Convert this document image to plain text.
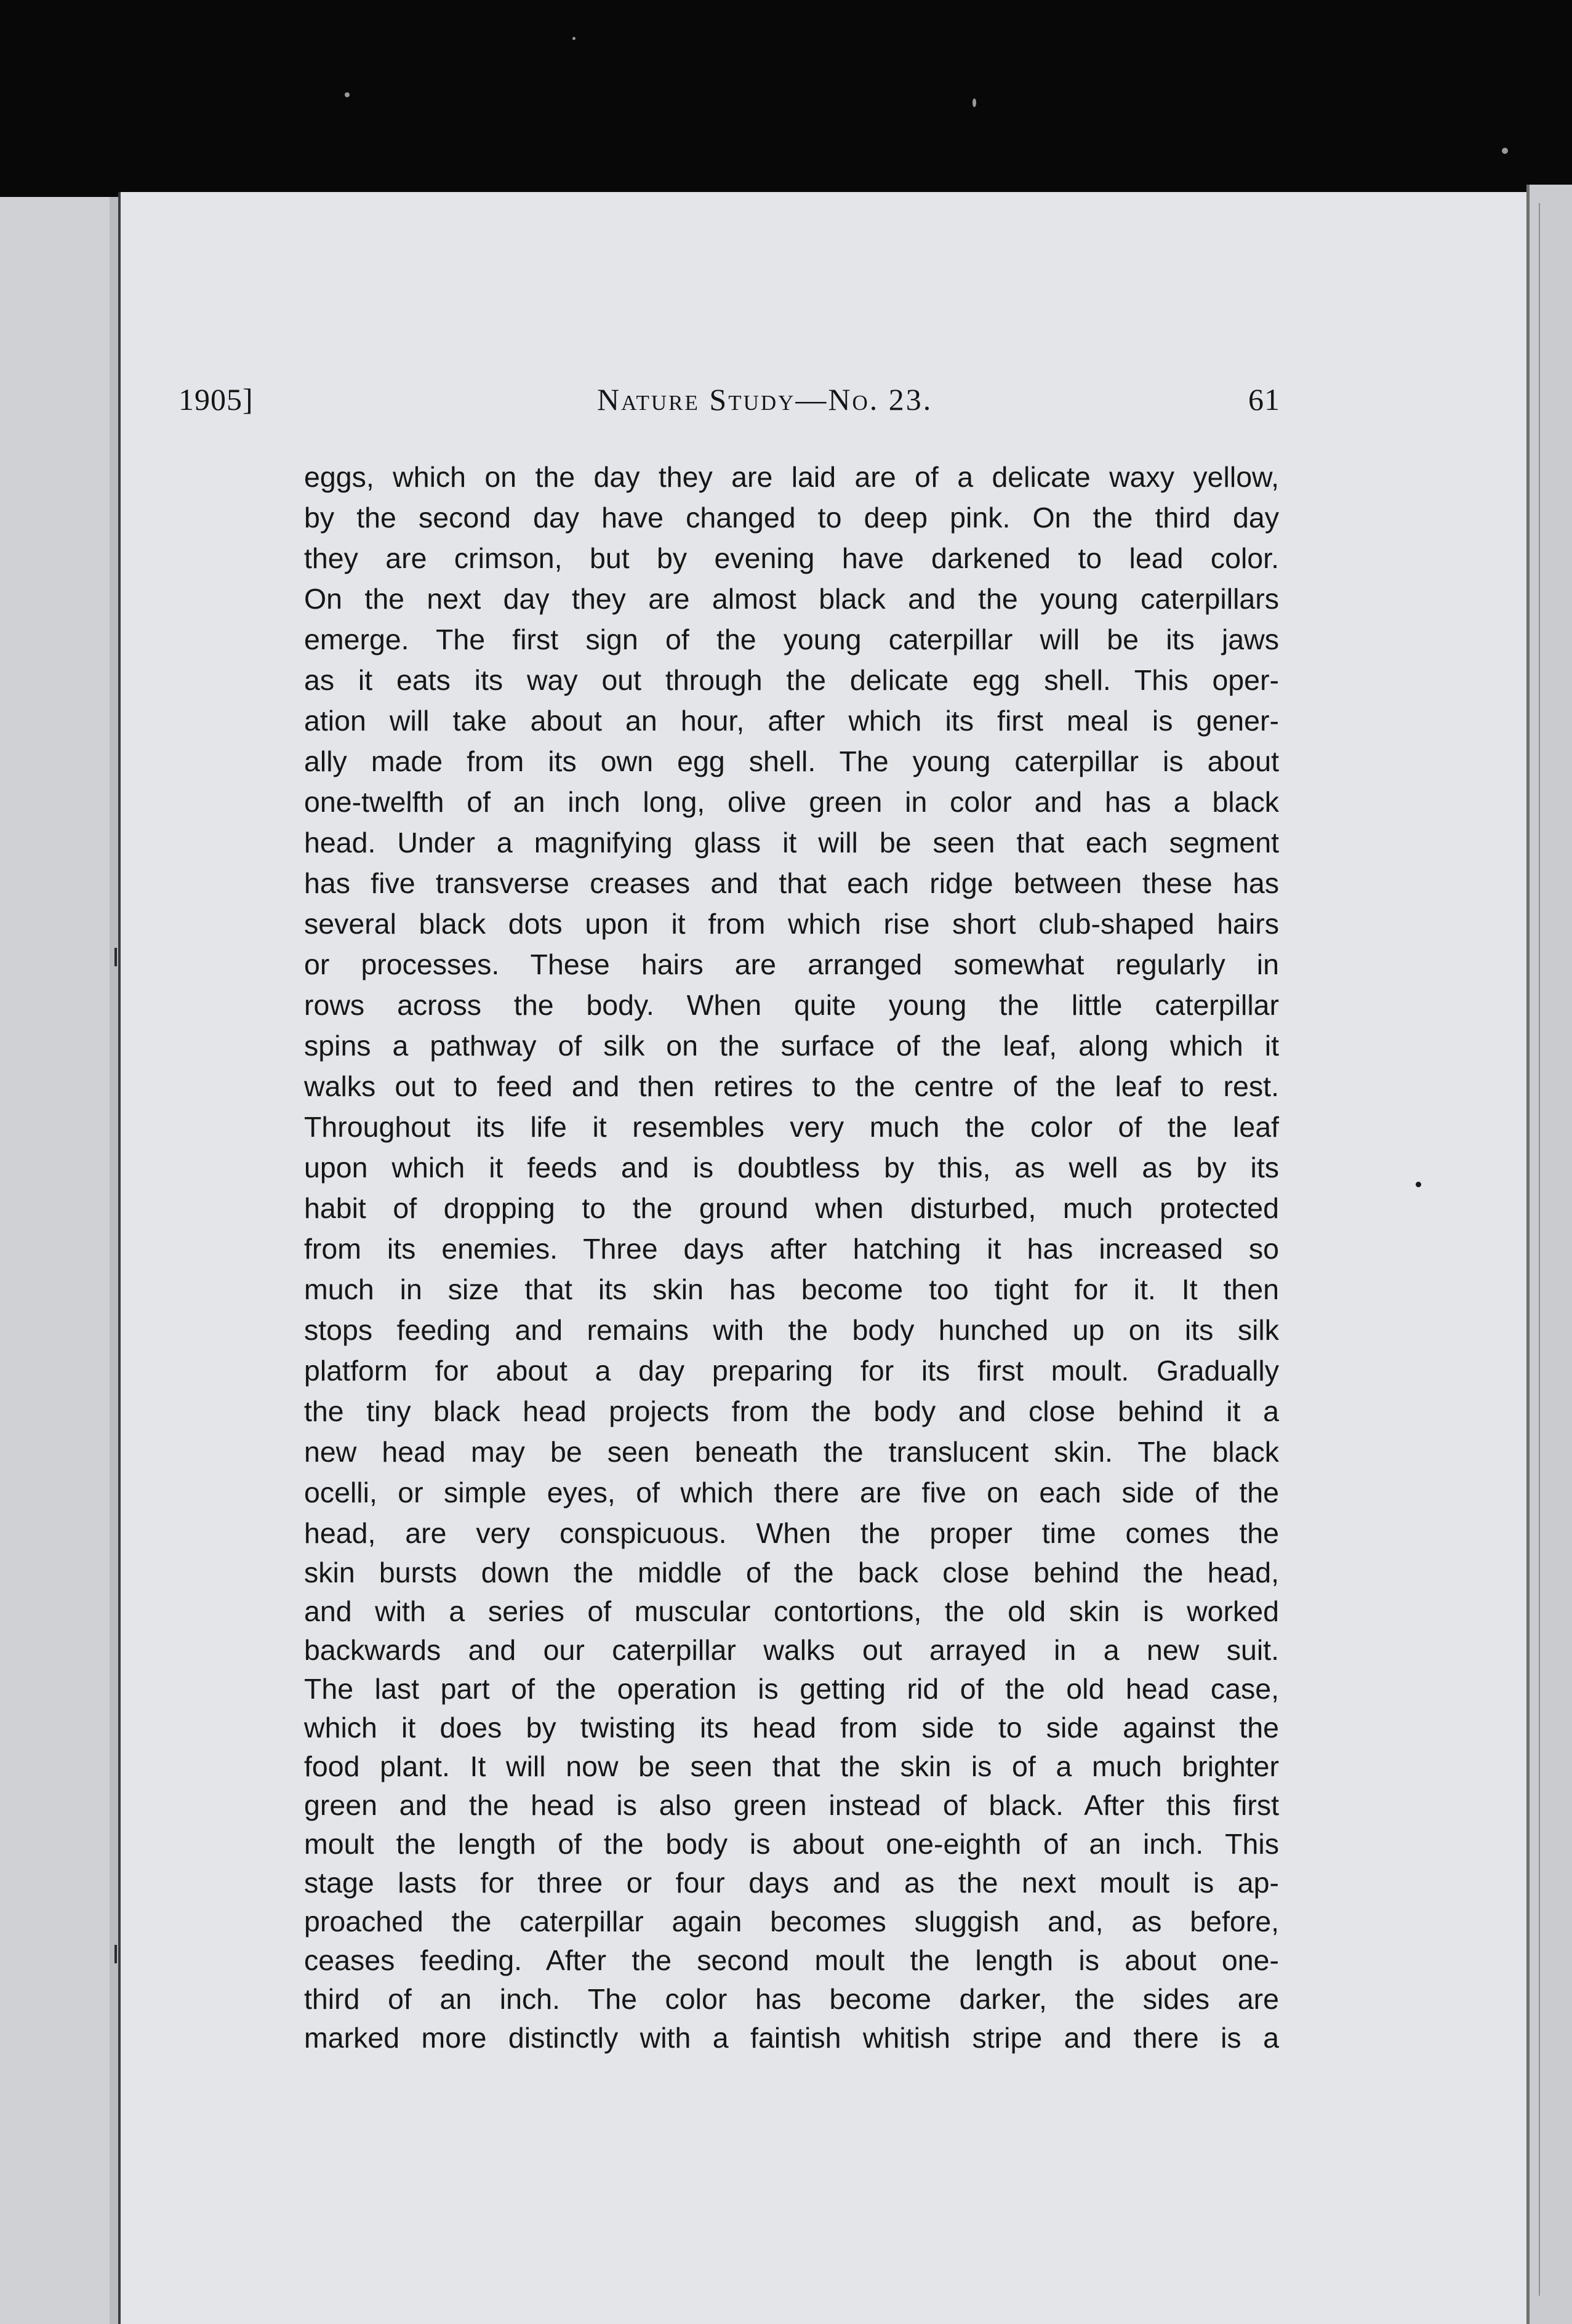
1905]	Nature Study—No. 23.	61
eggs, which on the day they are laid are of a delicate waxy yellow,
by the second day have changed to deep pink. On the third day
they are crimson, but by evening have darkened to lead color.
On the next daγ they are almost black and the young caterpillars
emerge. The first sign of the young caterpillar will be its jaws
as it eats its way out through the delicate egg shell. This oper-
ation will take about an hour, after which its first meal is gener-
ally made from its own egg shell. The young caterpillar is about
one-twelfth of an inch long, olive green in color and has a black
head. Under a magnifying glass it will be seen that each segment
has five transverse creases and that each ridge between these has
several black dots upon it from which rise short club-shaped hairs
or processes. These hairs are arranged somewhat regularly in
rows across the body. When quite young the little caterpillar
spins a pathway of silk on the surface of the leaf, along which it
walks out to feed and then retires to the centre of the leaf to rest.
Throughout its life it resembles very much the color of the leaf
upon which it feeds and is doubtless by this, as well as by its
habit of dropping to the ground when disturbed, much protected
from its enemies. Three days after hatching it has increased so
much in size that its skin has become too tight for it. It then
stops feeding and remains with the body hunched up on its silk
platform for about a day preparing for its first moult. Gradually
the tiny black head projects from the body and close behind it a
new head may be seen beneath the translucent skin. The black
ocelli, or simple eyes, of which there are five on each side of the
head, are very conspicuous. When the proper time comes the
skin bursts down the middle of the back close behind the head,
and with a series of muscular contortions, the old skin is worked
backwards and our caterpillar walks out arrayed in a new suit.
The last part of the operation is getting rid of the old head case,
which it does by twisting its head from side to side against the
food plant. It will now be seen that the skin is of a much brighter
green and the head is also green instead of black. After this first
moult the length of the body is about one-eighth of an inch. This
stage lasts for three or four days and as the next moult is ap-
proached the caterpillar again becomes sluggish and, as before,
ceases feeding. After the second moult the length is about one-
third of an inch. The color has become darker, the sides are
marked more distinctly with a faintish whitish stripe and there is a
